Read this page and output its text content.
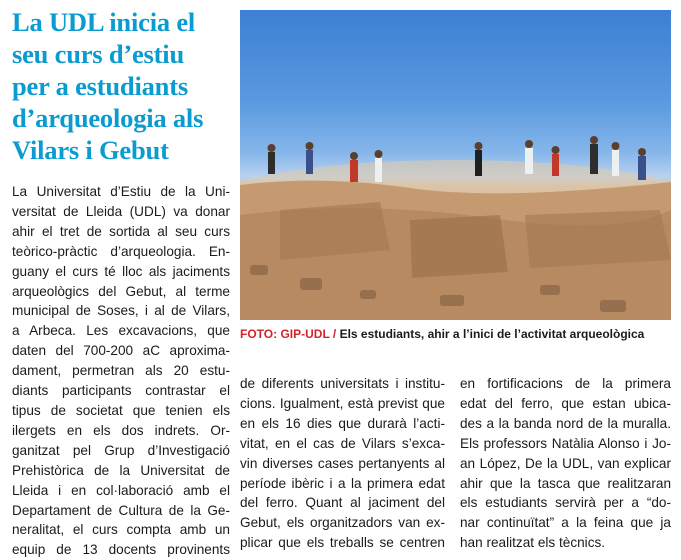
La UDL inicia el
seu curs d’estiu
per a estudiants
d’arqueologia als
Vilars i Gebut
FOTO: GIP-UDL / Els estudiants, ahir a l’inici de l’activitat arqueològica
La Universitat d’Estiu de la Uni-
versitat de Lleida (UDL) va donar
ahir el tret de sortida al seu curs
teòrico-pràctic d’arqueologia. En-
guany el curs té lloc als jaciments
arqueològics del Gebut, al terme
municipal de Soses, i al de Vilars,
a Arbeca. Les excavacions, que
daten del 700-200 aC aproxima-
dament, permetran als 20 estu-
diants participants contrastar el
tipus de societat que tenien els
ilergets en els dos indrets. Or-
ganitzat pel Grup d’Investigació
Prehistòrica de la Universitat de
Lleida i en col·laboració amb el
Departament de Cultura de la Ge-
neralitat, el curs compta amb un
equip de 13 docents provinents
de diferents universitats i institu-
cions. Igualment, està previst que
en els 16 dies que durarà l’acti-
vitat, en el cas de Vilars s’exca-
vin diverses cases pertanyents al
període ibèric i a la primera edat
del ferro. Quant al jaciment del
Gebut, els organitzadors van ex-
plicar que els treballs se centren
en fortificacions de la primera
edat del ferro, que estan ubica-
des a la banda nord de la muralla.
Els professors Natàlia Alonso i Jo-
an López, De la UDL, van explicar
ahir que la tasca que realitzaran
els estudiants servirà per a “do-
nar continuïtat” a la feina que ja
han realitzat els tècnics.
